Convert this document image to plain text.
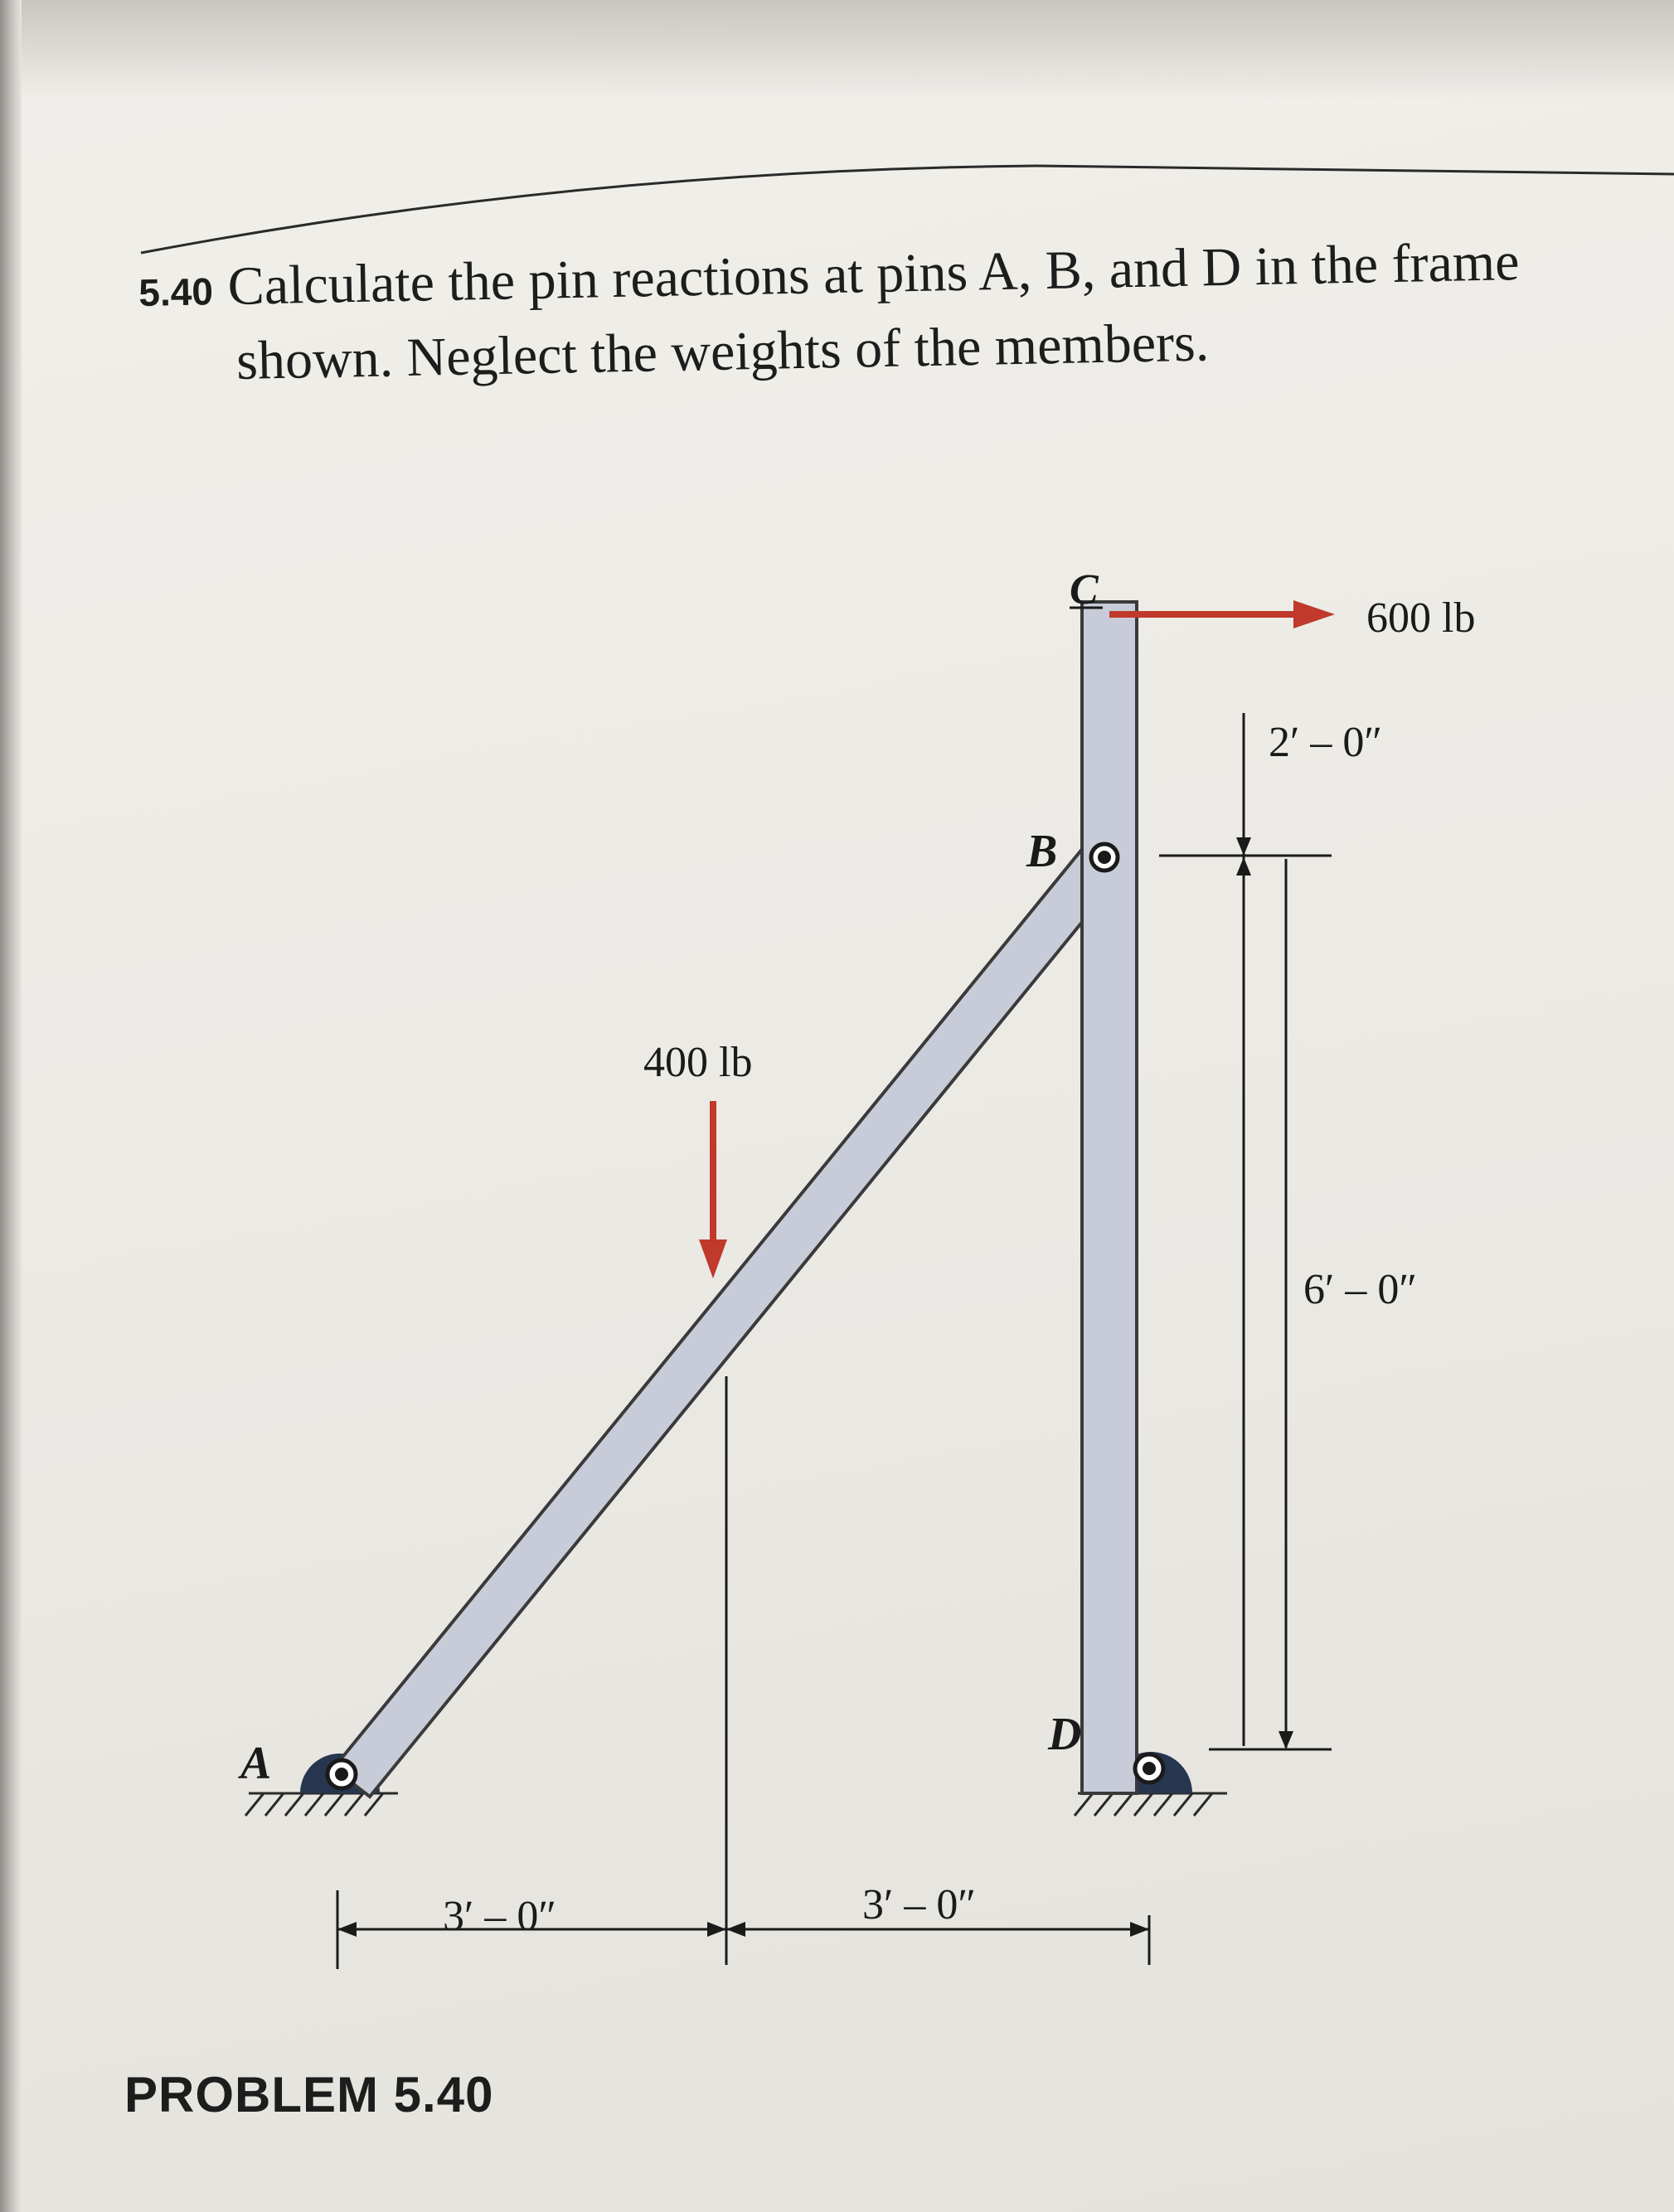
C
B
A
D
600 lb
400 lb
2′ – 0″
6′ – 0″
3′ – 0″	3′ – 0″
5.40 Calculate the pin reactions at pins A, B, and D in the frame
shown. Neglect the weights of the members.
PROBLEM 5.40
